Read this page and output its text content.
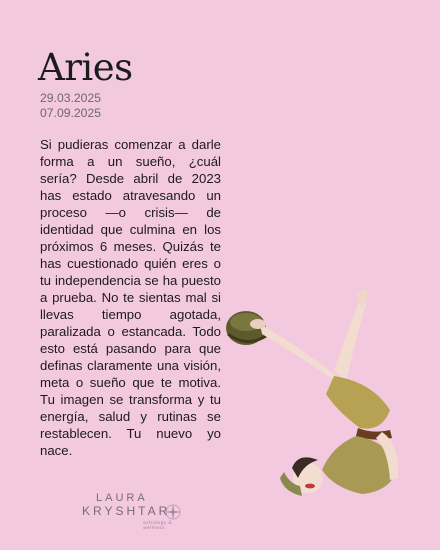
Aries
29.03.2025
07.09.2025
Si pudieras comenzar a darle forma a un sueño, ¿cuál sería? Desde abril de 2023 has estado atravesando un proceso —o crisis— de identidad que culmina en los próximos 6 meses. Quizás te has cuestionado quién eres o tu independencia se ha puesto a prueba. No te sientas mal si llevas tiempo agotada, paralizada o estancada. Todo esto está pasando para que definas claramente una visión, meta o sueño que te motiva. Tu imagen se transforma y tu energía, salud y rutinas se restablecen. Tu nuevo yo nace.
LAURA
KRYSHTAR
astrology & wellness
